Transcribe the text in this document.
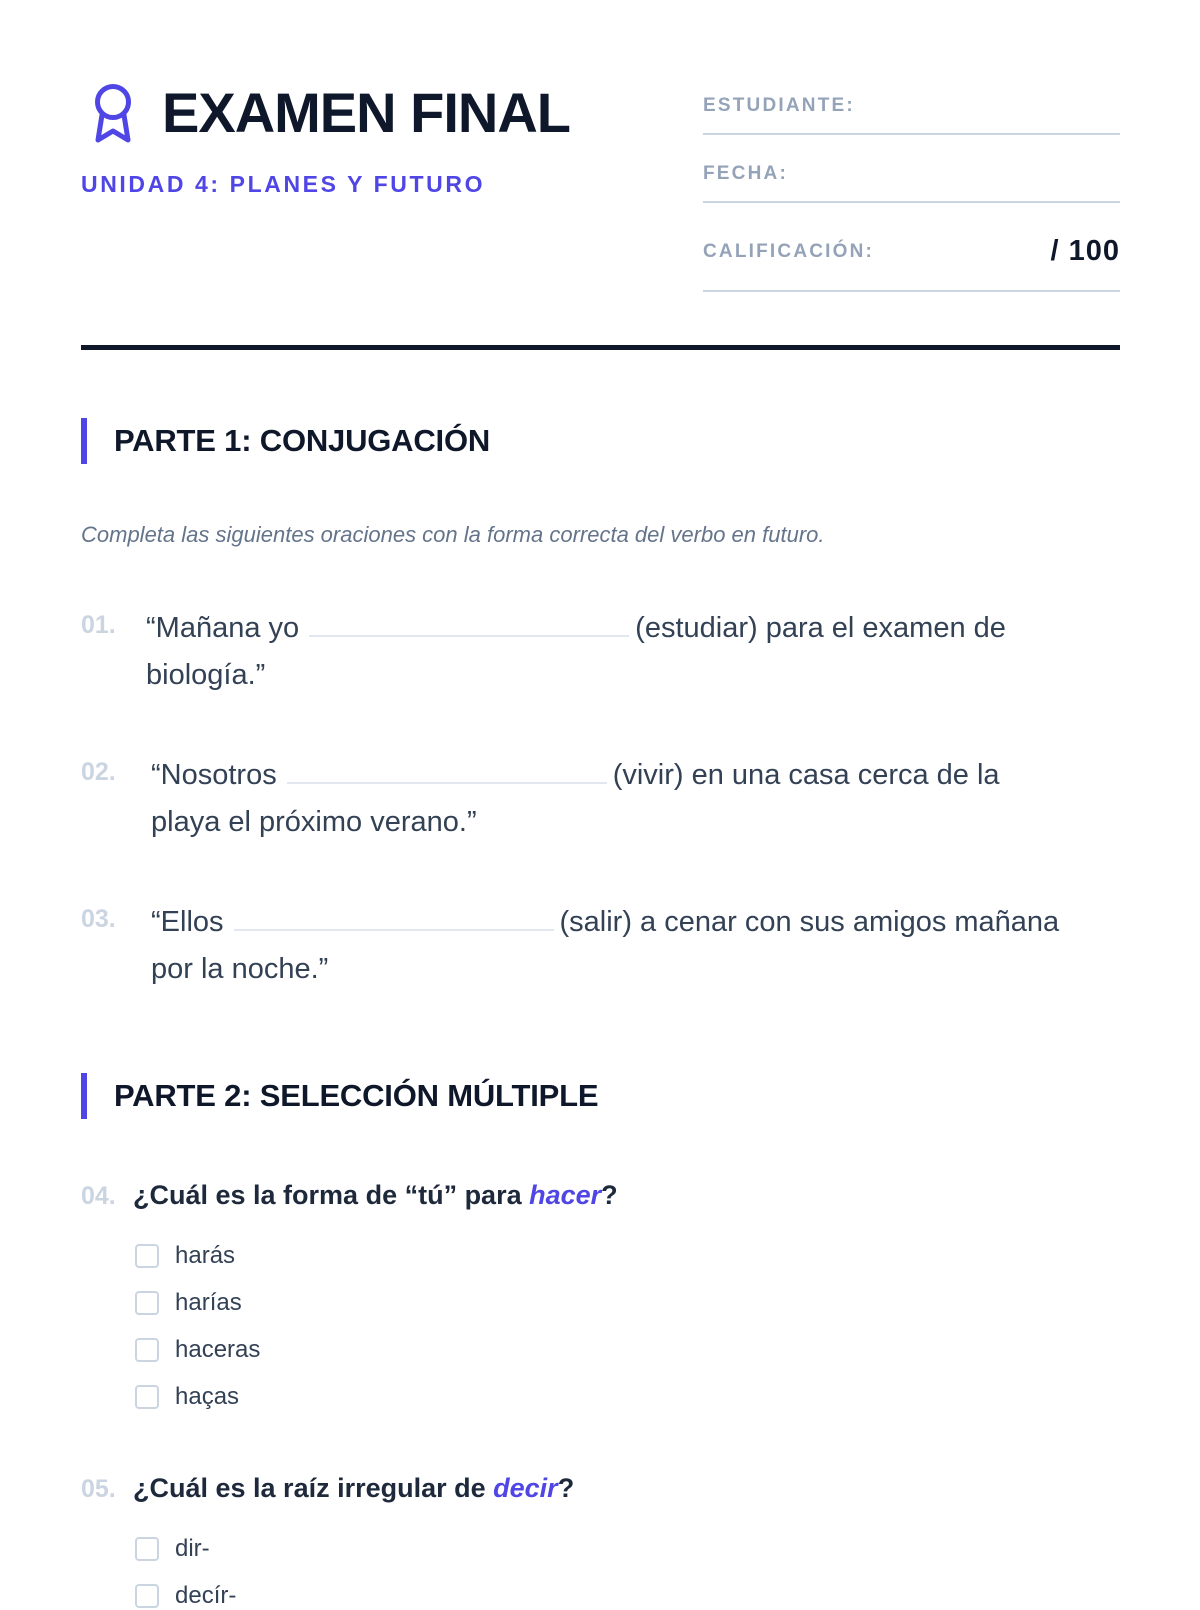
EXAMEN FINAL
UNIDAD 4: PLANES Y FUTURO
ESTUDIANTE:
FECHA:
CALIFICACIÓN:	/ 100
PARTE 1: CONJUGACIÓN
Completa las siguientes oraciones con la forma correcta del verbo en futuro.
01. “Mañana yo	(estudiar) para el examen de
biología.”
02. “Nosotros	(vivir) en una casa cerca de la
playa el próximo verano.”
03. “Ellos	(salir) a cenar con sus amigos mañana
por la noche.”
PARTE 2: SELECCIÓN MÚLTIPLE
04. ¿Cuál es la forma de “tú” para hacer?
harás
harías
haceras
haças
05. ¿Cuál es la raíz irregular de decir?
dir-
decír-
